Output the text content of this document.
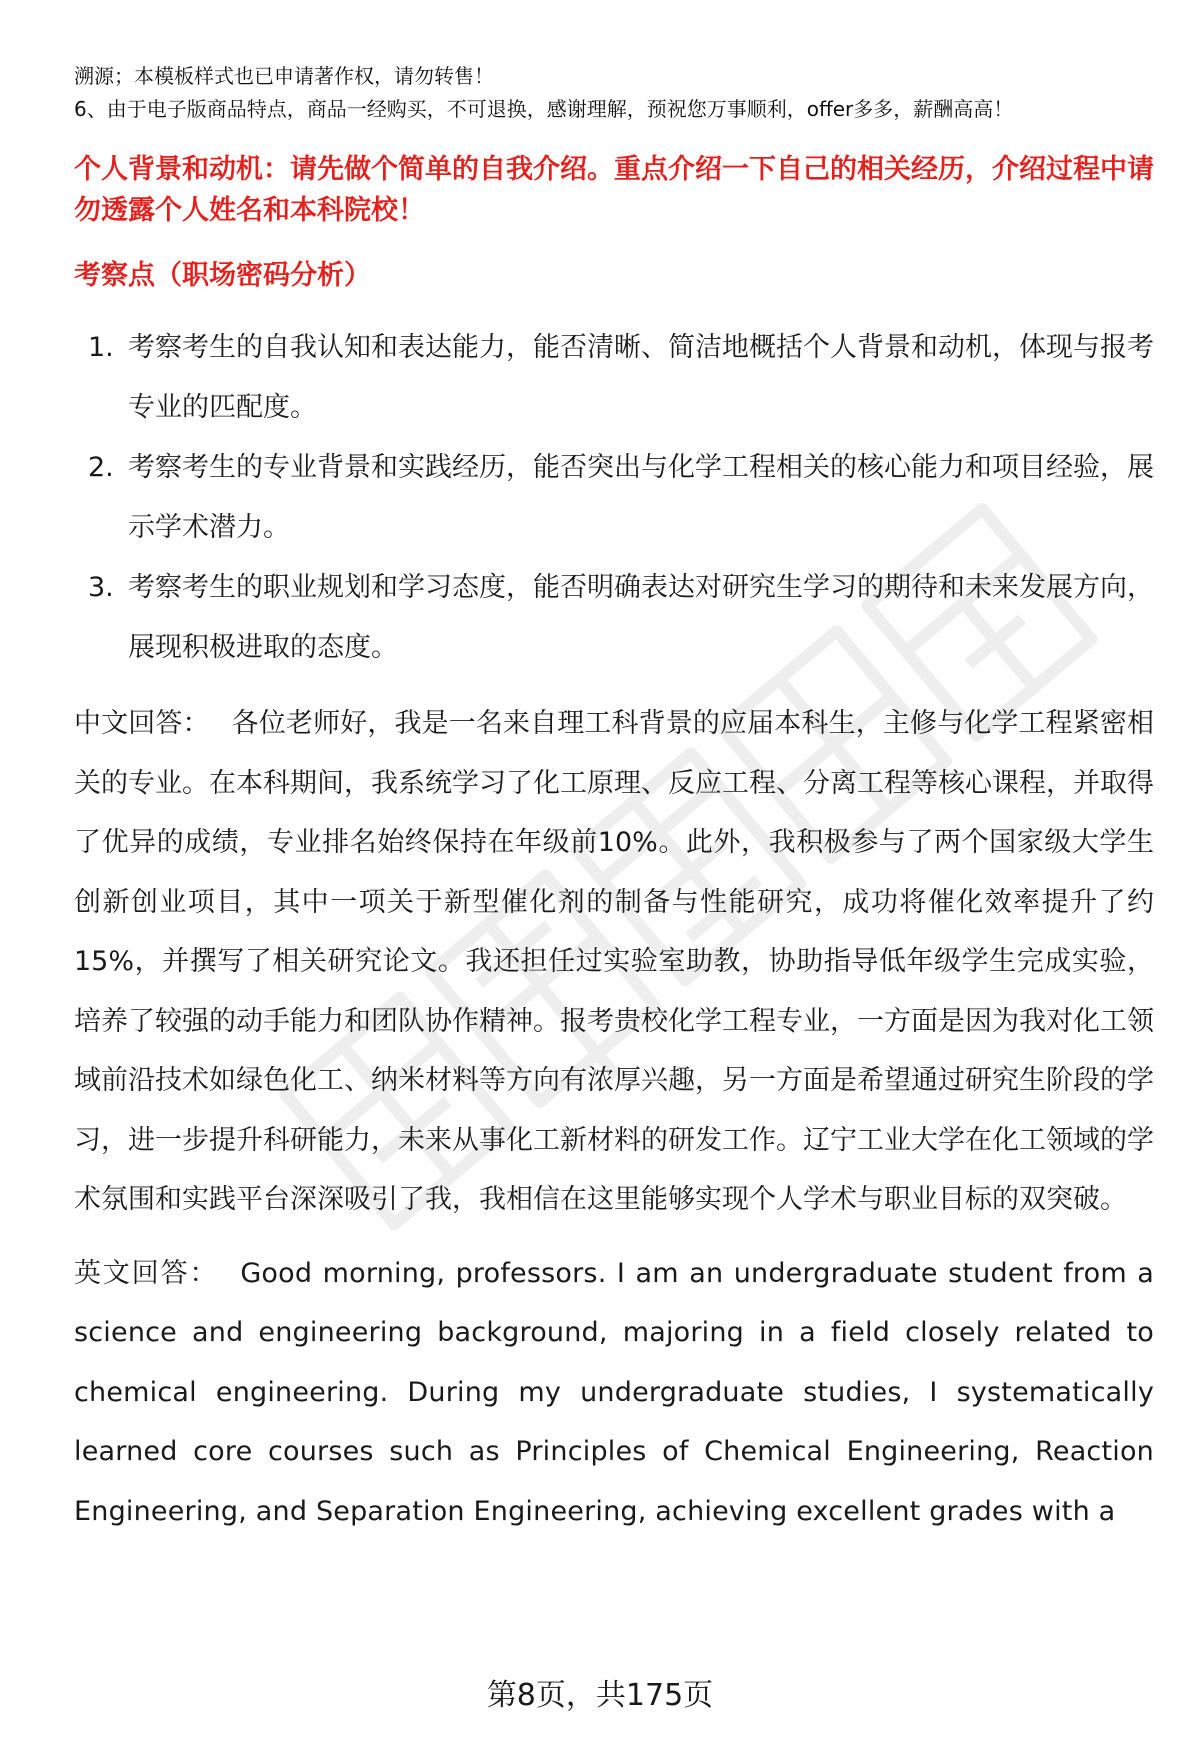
溯源；本模板样式也已申请著作权，请勿转售！

6、由于电子版商品特点，商品一经购买，不可退换，感谢理解，预祝您万事顺利，offer多多，薪酬高高！

个人背景和动机：请先做个简单的自我介绍。重点介绍一下自己的相关经历，介绍过程中请勿透露个人姓名和本科院校！

考察点（职场密码分析）

1. 考察考生的自我认知和表达能力，能否清晰、简洁地概括个人背景和动机，体现与报考专业的匹配度。
2. 考察考生的专业背景和实践经历，能否突出与化学工程相关的核心能力和项目经验，展示学术潜力。
3. 考察考生的职业规划和学习态度，能否明确表达对研究生学习的期待和未来发展方向，展现积极进取的态度。

中文回答： 各位老师好，我是一名来自理工科背景的应届本科生，主修与化学工程紧密相关的专业。在本科期间，我系统学习了化工原理、反应工程、分离工程等核心课程，并取得了优异的成绩，专业排名始终保持在年级前10%。此外，我积极参与了两个国家级大学生创新创业项目，其中一项关于新型催化剂的制备与性能研究，成功将催化效率提升了约15%，并撰写了相关研究论文。我还担任过实验室助教，协助指导低年级学生完成实验，培养了较强的动手能力和团队协作精神。报考贵校化学工程专业，一方面是因为我对化工领域前沿技术如绿色化工、纳米材料等方向有浓厚兴趣，另一方面是希望通过研究生阶段的学习，进一步提升科研能力，未来从事化工新材料的研发工作。辽宁工业大学在化工领域的学术氛围和实践平台深深吸引了我，我相信在这里能够实现个人学术与职业目标的双突破。

英文回答： Good morning, professors. I am an undergraduate student from a science and engineering background, majoring in a field closely related to chemical engineering. During my undergraduate studies, I systematically learned core courses such as Principles of Chemical Engineering, Reaction Engineering, and Separation Engineering, achieving excellent grades with a

第8页，共175页
